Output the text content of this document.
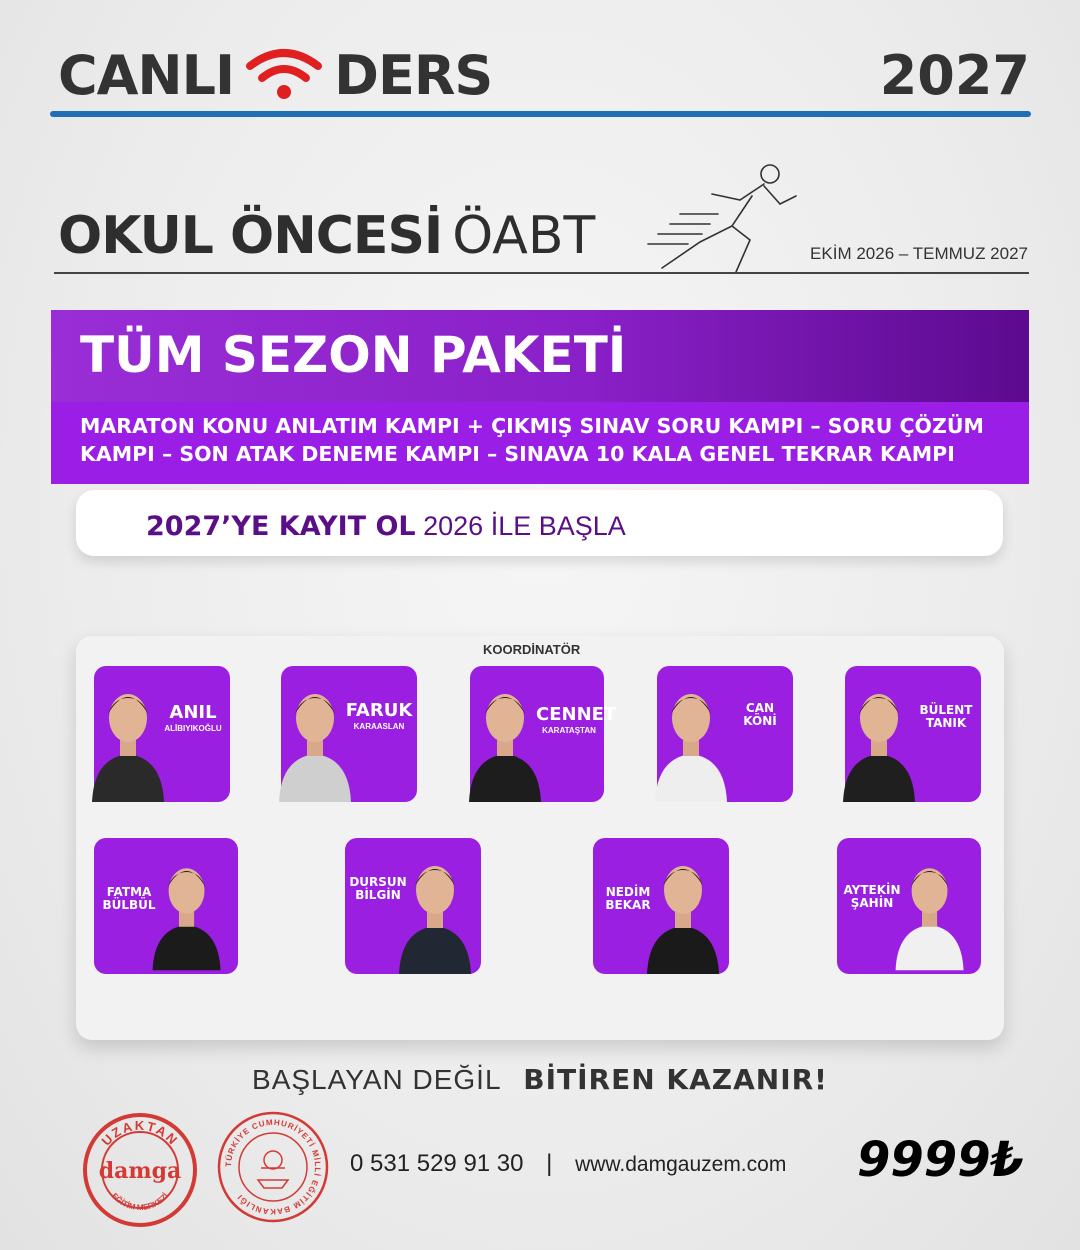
CANLI DERS	2027
OKUL ÖNCESİ ÖABT	EKİM 2026 – TEMMUZ 2027
TÜM SEZON PAKETİ
MARATON KONU ANLATIM KAMPI + ÇIKMIŞ SINAV SORU KAMPI – SORU ÇÖZÜM
KAMPI – SON ATAK DENEME KAMPI – SINAVA 10 KALA GENEL TEKRAR KAMPI
2027’YE KAYIT OL 2026 İLE BAŞLA
KOORDİNATÖR
ANIL
ALİBIYIKOĞLU
FARUK
KARAASLAN
CENNET
KARATAŞTAN
CAN
KÖNİ
BÜLENT
TANIK
FATMA
BÜLBÜL
DURSUN
BİLGİN	NEDİM
BEKAR
AYTEKİN
ŞAHİN
BAŞLAYAN DEĞİL BİTİREN KAZANIR!
UZAKTAN
damga
EĞİTİM MERKEZİ
TÜRKİYE CUMHURİYETİ MİLLİ EĞİTİM BAKANLIĞI
0 531 529 91 30 | www.damgauzem.com 9999₺
